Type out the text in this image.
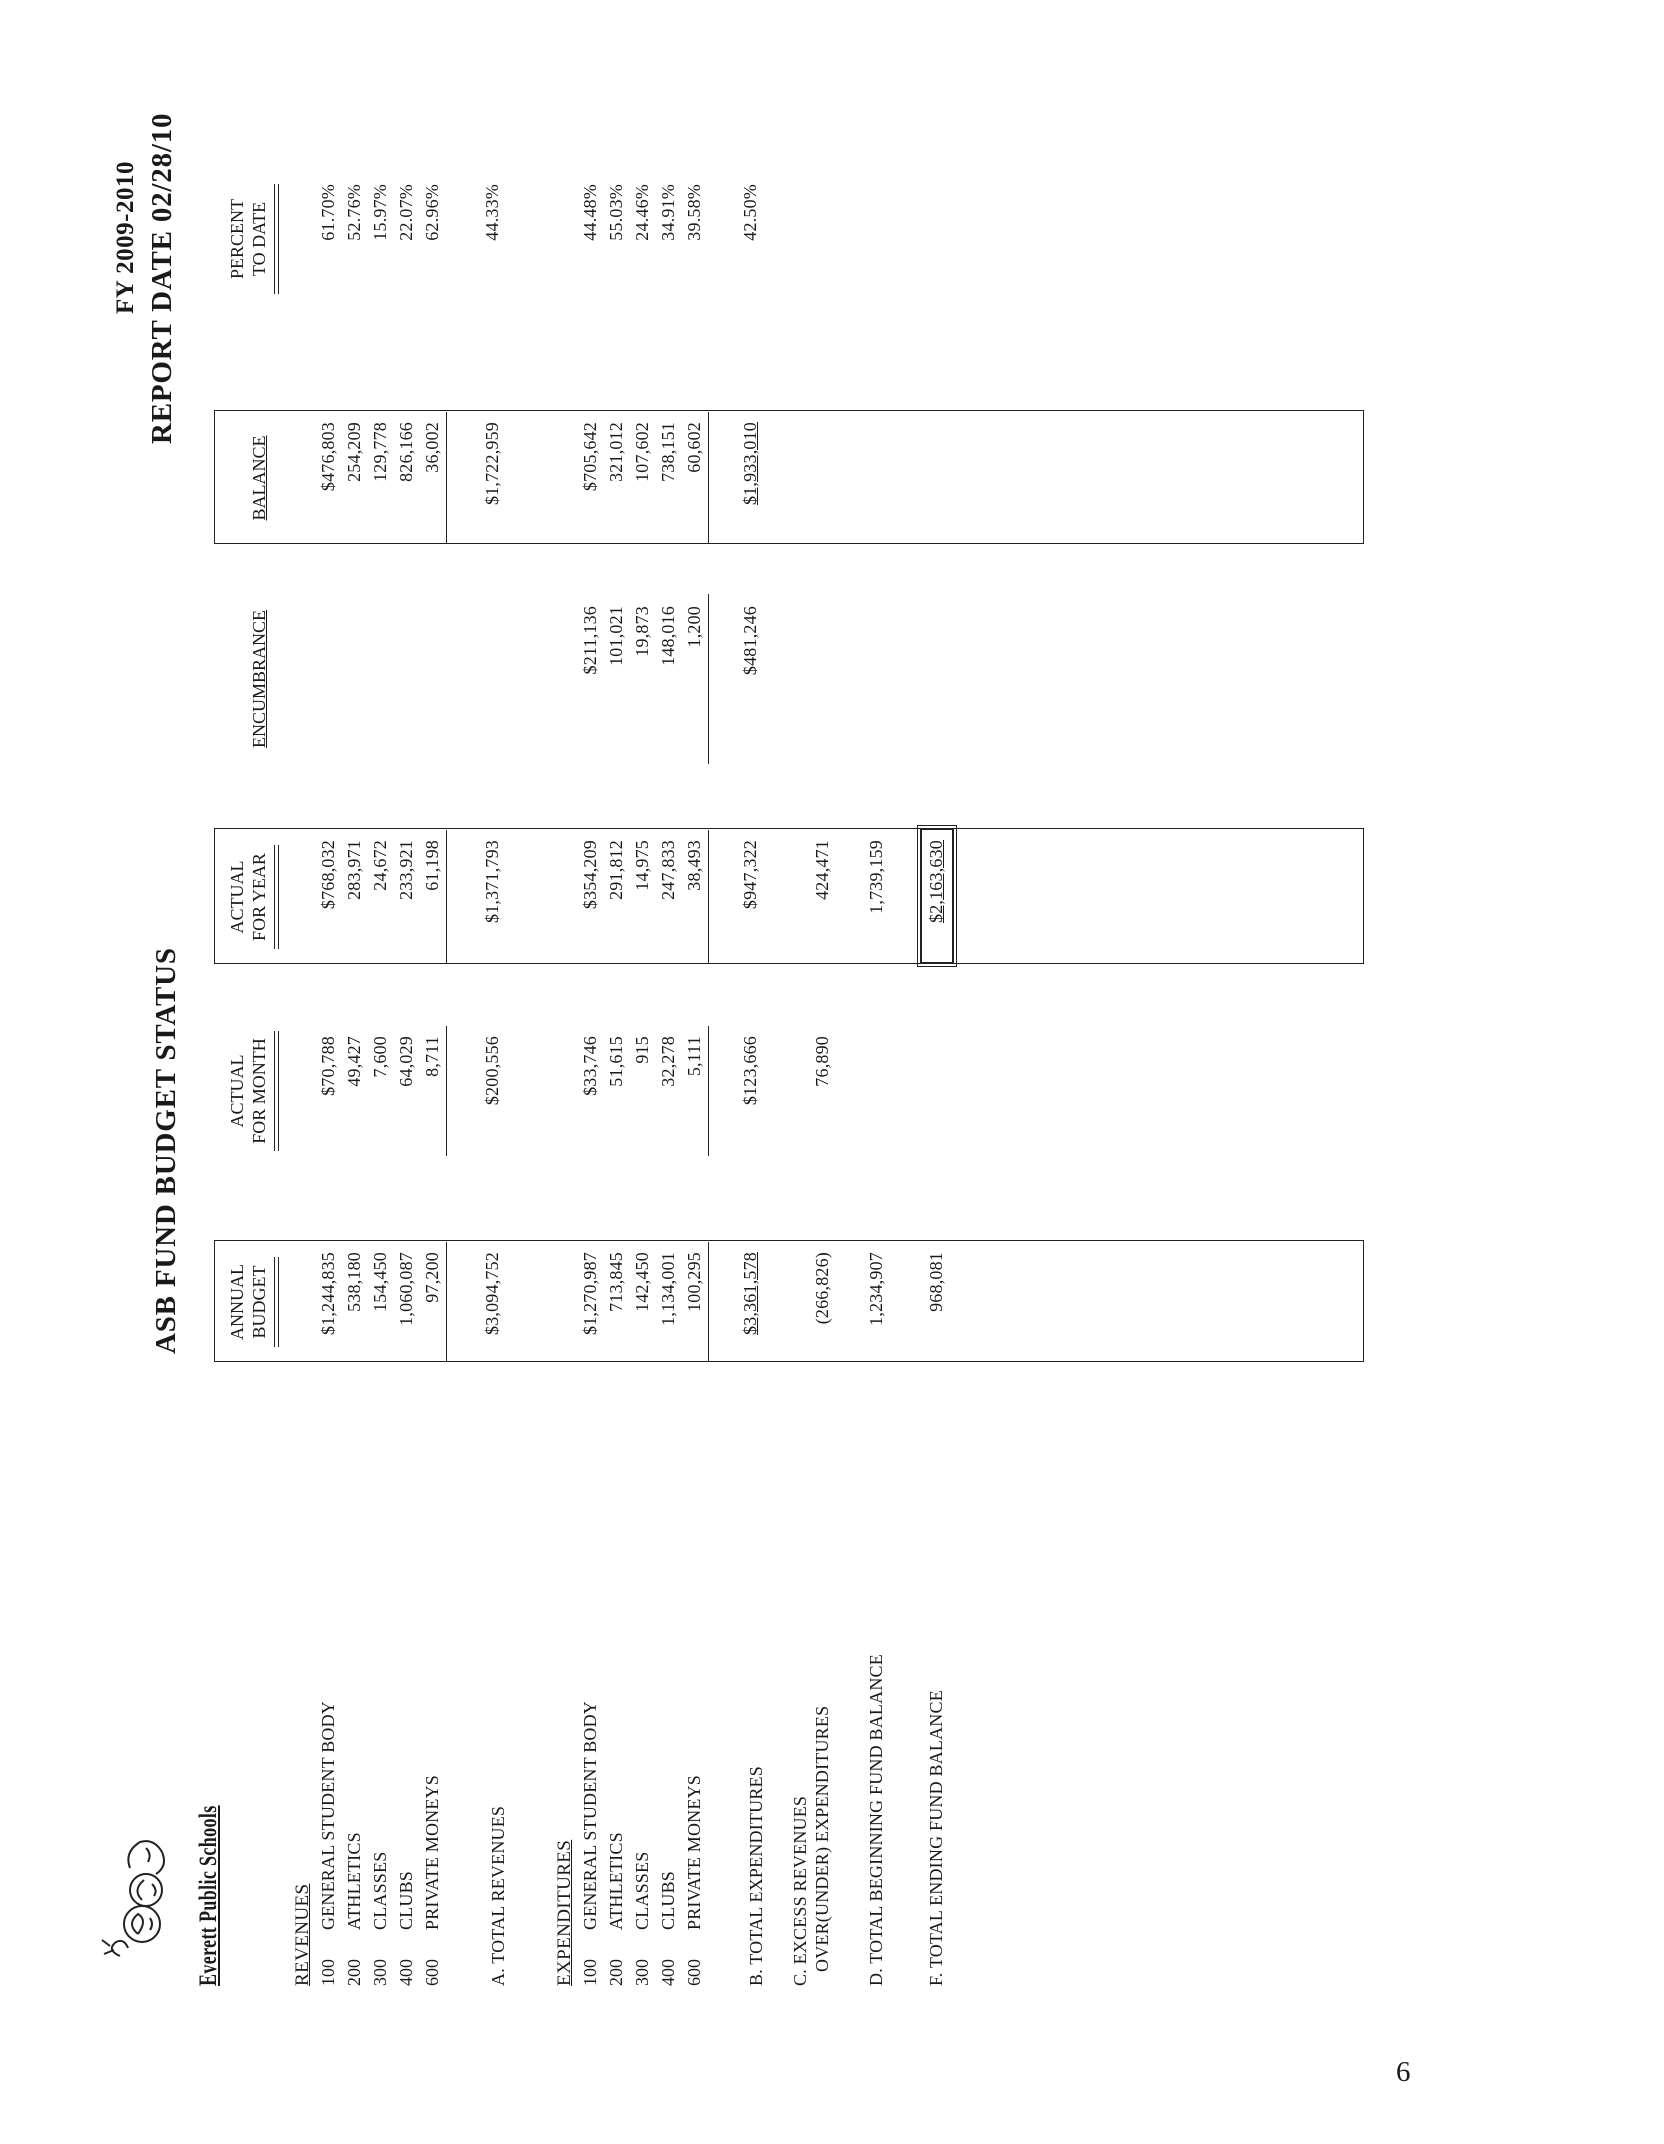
Everett Public Schools
ASB FUND BUDGET STATUS
FY 2009-2010 REPORT DATE 02/28/10
ANNUAL BUDGET
ACTUAL FOR MONTH
ACTUAL FOR YEAR
ENCUMBRANCE
BALANCE
PERCENT TO DATE
REVENUES 100
GENERAL STUDENT BODY
$1,244,835
$70,788
$768,032
$476,803
61.70%
200
ATHLETICS
538,180
49,427
283,971
254,209
52.76%
300
CLASSES
154,450
7,600
24,672
129,778
15.97%
400
CLUBS
1,060,087
64,029
233,921
826,166
22.07%
600
PRIVATE MONEYS
97,200
8,711
61,198
36,002
62.96%
A. TOTAL REVENUES
$3,094,752
$200,556
$1,371,793
$1,722,959
44.33%
EXPENDITURES 100
GENERAL STUDENT BODY
$1,270,987
$33,746
$354,209
$211,136
$705,642
44.48%
200
ATHLETICS
713,845
51,615
291,812
101,021
321,012
55.03%
300
CLASSES
142,450
915
14,975
19,873
107,602
24.46%
400
CLUBS
1,134,001
32,278
247,833
148,016
738,151
34.91%
600
PRIVATE MONEYS
100,295
5,111
38,493
1,200
60,602
39.58%
B. TOTAL EXPENDITURES
$3,361,578
$123,666
$947,322
$481,246
$1,933,010
42.50%
C. EXCESS REVENUES OVER(UNDER) EXPENDITURES
(266,826)
76,890
424,471
D. TOTAL BEGINNING FUND BALANCE
1,234,907
1,739,159
F. TOTAL ENDING FUND BALANCE
968,081
$2,163,630
6
